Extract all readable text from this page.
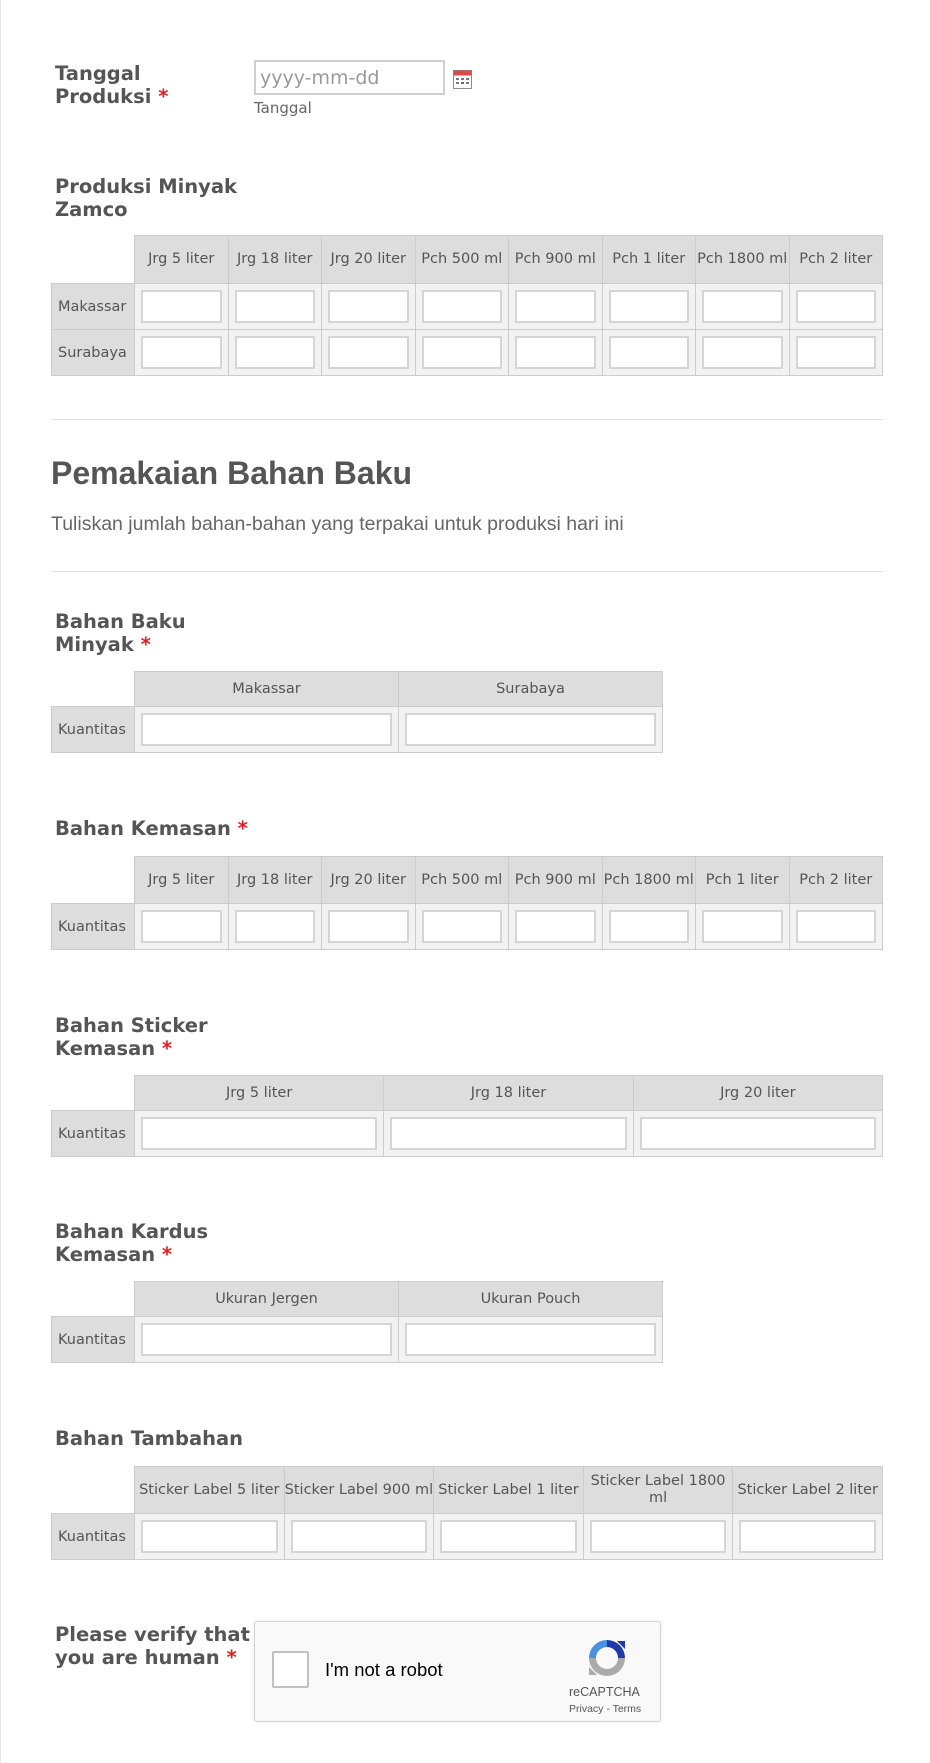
Tanggal Produksi *
yyyy-mm-dd	Tanggal
Produksi Minyak Zamco
	Jrg 5 liter	Jrg 18 liter	Jrg 20 liter	Pch 500 ml	Pch 900 ml	Pch 1 liter	Pch 1800 ml	Pch 2 liter
Makassar	

Surabaya	

Pemakaian Bahan Baku
Tuliskan jumlah bahan-bahan yang terpakai untuk produksi hari ini
Bahan Baku Minyak *
	Makassar	Surabaya
Kuantitas	

Bahan Kemasan *
	Jrg 5 liter	Jrg 18 liter	Jrg 20 liter	Pch 500 ml	Pch 900 ml	Pch 1800 ml	Pch 1 liter	Pch 2 liter
Kuantitas	

Bahan Sticker Kemasan *
	Jrg 5 liter	Jrg 18 liter	Jrg 20 liter
Kuantitas	

Bahan Kardus Kemasan *
	Ukuran Jergen	Ukuran Pouch
Kuantitas	

Bahan Tambahan
	Sticker Label 5 liter	Sticker Label 900 ml	Sticker Label 1 liter	Sticker Label 1800 ml	Sticker Label 2 liter
Kuantitas	

Please verify that you are human *
I'm not a robot
reCAPTCHA
Privacy - Terms
